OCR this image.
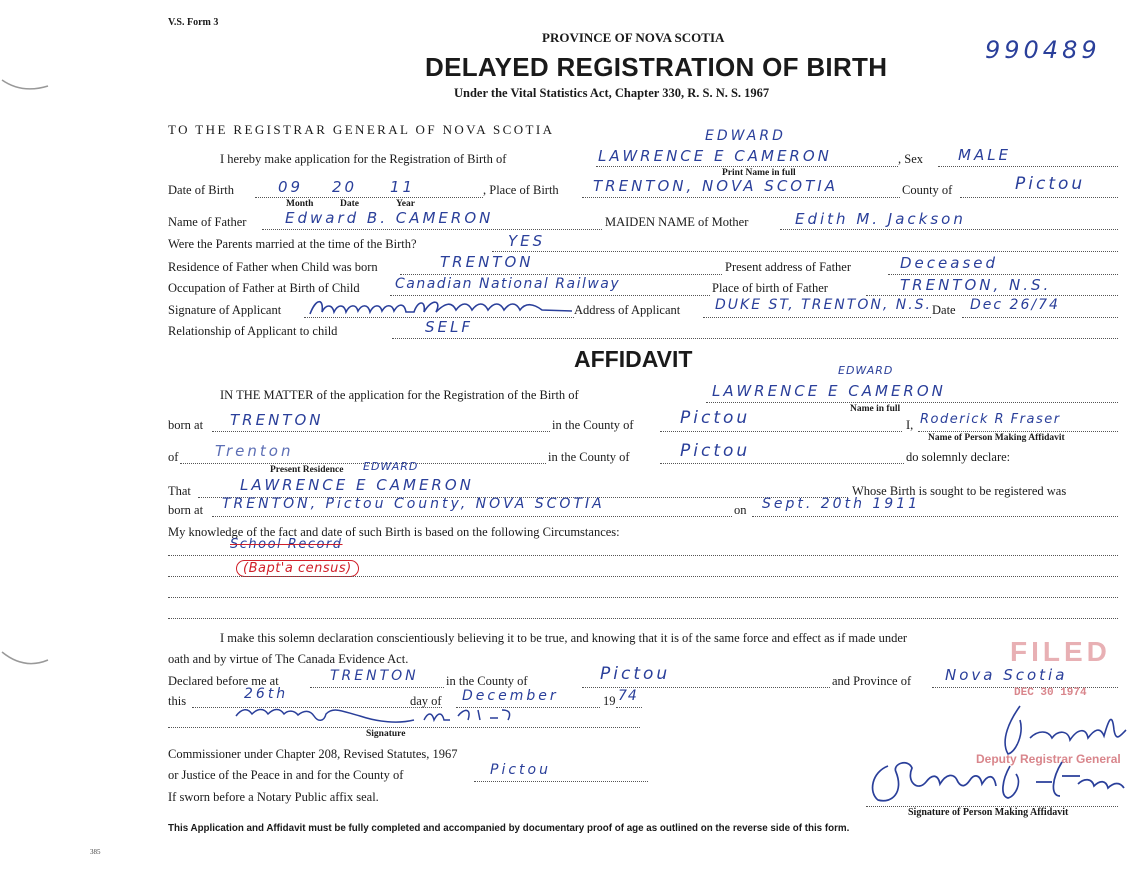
V.S. Form 3
PROVINCE OF NOVA SCOTIA
DELAYED REGISTRATION OF BIRTH
Under the Vital Statistics Act, Chapter 330, R. S. N. S. 1967
990489
TO THE REGISTRAR GENERAL OF NOVA SCOTIA
I hereby make application for the Registration of Birth of
EDWARD
LAWRENCE E CAMERON
Print Name in full
, Sex MALE
Date of Birth	09 20 11
Month	Date	Year
, Place of Birth TRENTON, NOVA SCOTIA	County of	Pictou
Name of Father	Edward B. CAMERON	MAIDEN NAME of Mother	Edith M. Jackson
Were the Parents married at the time of the Birth?	YES
Residence of Father when Child was born	TRENTON	Present address of Father	Deceased
Occupation of Father at Birth of Child	Canadian National Railway	Place of birth of Father	TRENTON, N.S.
Signature of Applicant	Address of Applicant DUKE ST, TRENTON, N.S. Date Dec 26/74
Relationship of Applicant to child	SELF
AFFIDAVIT
IN THE MATTER of the application for the Registration of the Birth of
EDWARD
LAWRENCE E CAMERON
Name in full
born at TRENTON	in the County of	Pictou	I, Roderick R Fraser
Name of Person Making Affidavit
of Trenton
Present Residence EDWARD
in the County of	Pictou	do solemnly declare:
That	LAWRENCE E CAMERON	Whose Birth is sought to be registered was
born at TRENTON, Pictou County, NOVA SCOTIA	on Sept. 20th 1911
My knowledge of the fact and date of such Birth is based on the following Circumstances:
School Record
(Bapt'a census)
I make this solemn declaration conscientiously believing it to be true, and knowing that it is of the same force and effect as if made under
oath and by virtue of The Canada Evidence Act.
Declared before me at	TRENTON in the County of	Pictou	and Province of Nova Scotia
this	26th	day of December	19 74
Signature
Commissioner under Chapter 208, Revised Statutes, 1967
or Justice of the Peace in and for the County of	Pictou
If sworn before a Notary Public affix seal.
FILED
DEC 30 1974
Deputy Registrar General
Signature of Person Making Affidavit
This Application and Affidavit must be fully completed and accompanied by documentary proof of age as outlined on the reverse side of this form.
385
